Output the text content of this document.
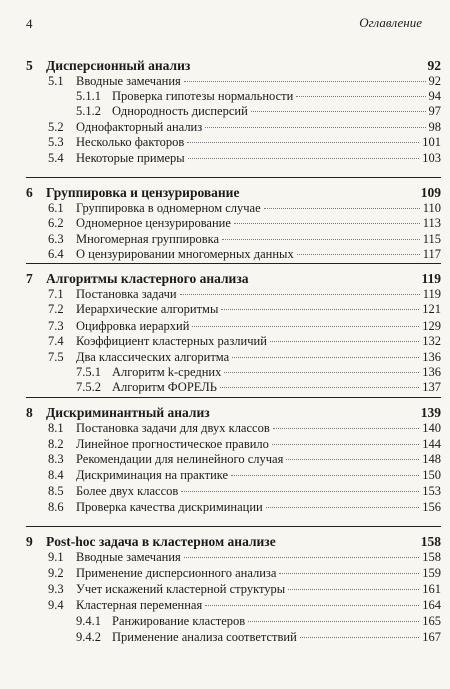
4	Оглавление
5 Дисперсионный анализ	92
5.1 Вводные замечания	92
5.1.1 Проверка гипотезы нормальности	94
5.1.2 Однородность дисперсий	97
5.2 Однофакторный анализ	98
5.3 Несколько факторов	101
5.4 Некоторые примеры	103
6 Группировка и цензурирование	109
6.1 Группировка в одномерном случае	110
6.2 Одномерное цензурирование	113
6.3 Многомерная группировка	115
6.4 О цензурировании многомерных данных	117
7 Алгоритмы кластерного анализа	119
7.1 Постановка задачи	119
7.2 Иерархические алгоритмы	121
7.3 Оцифровка иерархий	129
7.4 Коэффициент кластерных различий	132
7.5 Два классических алгоритма	136
7.5.1 Алгоритм k-средних	136
7.5.2 Алгоритм ФОРЕЛЬ	137
8 Дискриминантный анализ	139
8.1 Постановка задачи для двух классов	140
8.2 Линейное прогностическое правило	144
8.3 Рекомендации для нелинейного случая	148
8.4 Дискриминация на практике	150
8.5 Более двух классов	153
8.6 Проверка качества дискриминации	156
9 Post-hoc задача в кластерном анализе	158
9.1 Вводные замечания	158
9.2 Применение дисперсионного анализа	159
9.3 Учет искажений кластерной структуры	161
9.4 Кластерная переменная	164
9.4.1 Ранжирование кластеров	165
9.4.2 Применение анализа соответствий	167
